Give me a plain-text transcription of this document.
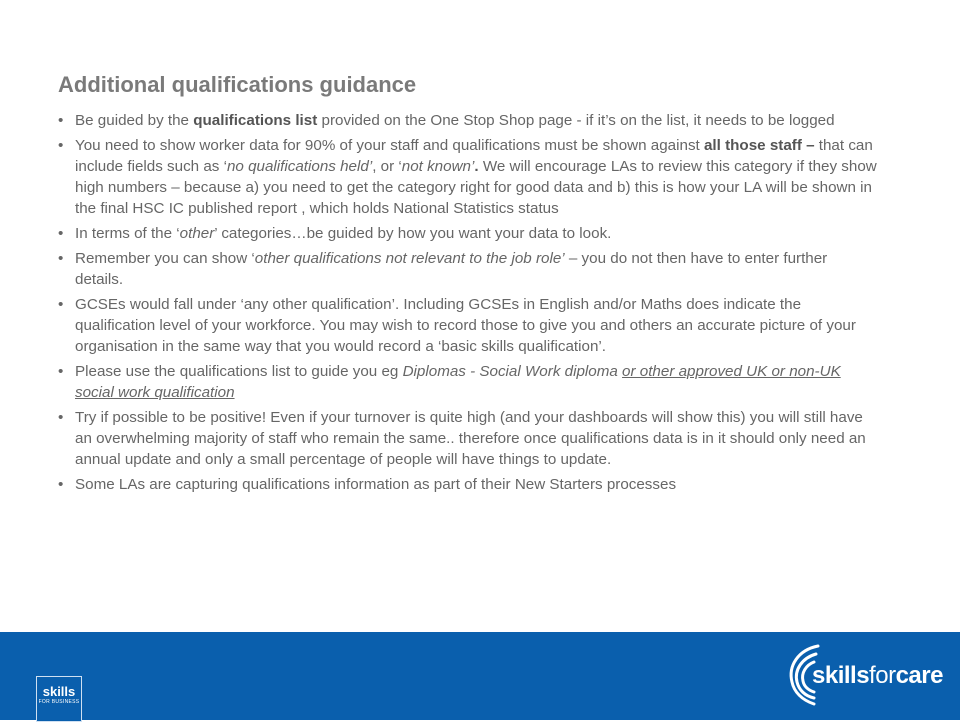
Additional qualifications guidance
• Be guided by the qualifications list provided on the One Stop Shop page - if it’s on the list, it needs to be logged
• You need to show worker data for 90% of your staff and qualifications must be shown against all those staff – that can include fields such as ‘no qualifications held’, or ‘not known’. We will encourage LAs to review this category if they show high numbers – because a) you need to get the category right for good data and b) this is how your LA will be shown in the final HSC IC published report , which holds National Statistics status
• In terms of the ‘other’ categories…be guided by how you want your data to look.
• Remember you can show ‘other qualifications not relevant to the job role’ – you do not then have to enter further details.
• GCSEs would fall under ‘any other qualification’. Including GCSEs in English and/or Maths does indicate the qualification level of your workforce. You may wish to record those to give you and others an accurate picture of your organisation in the same way that you would record a ‘basic skills qualification’.
• Please use the qualifications list to guide you eg Diplomas - Social Work diploma or other approved UK or non-UK social work qualification
• Try if possible to be positive! Even if your turnover is quite high (and your dashboards will show this) you will still have an overwhelming majority of staff who remain the same.. therefore once qualifications data is in it should only need an annual update and only a small percentage of people will have things to update.
• Some LAs are capturing qualifications information as part of their New Starters processes
skills
FOR BUSINESS
skillsforcare
